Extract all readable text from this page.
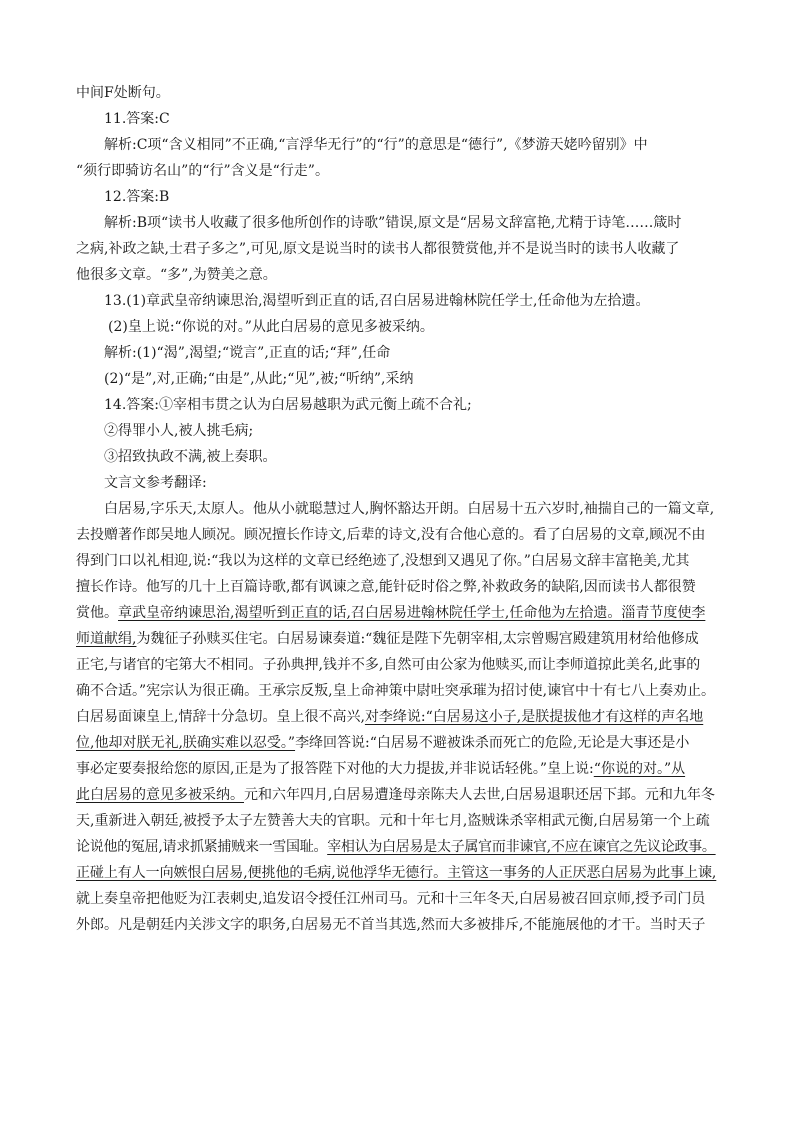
中间F处断句。
11.答案:C
解析:C项“含义相同”不正确,“言浮华无行”的“行”的意思是“德行”,《梦游天姥吟留别》中
“须行即骑访名山”的“行”含义是“行走”。
12.答案:B
解析:B项“读书人收藏了很多他所创作的诗歌”错误,原文是“居易文辞富艳,尤精于诗笔……箴时
之病,补政之缺,士君子多之”,可见,原文是说当时的读书人都很赞赏他,并不是说当时的读书人收藏了
他很多文章。“多”,为赞美之意。
13.(1)章武皇帝纳谏思治,渴望听到正直的话,召白居易进翰林院任学士,任命他为左拾遗。
(2)皇上说:“你说的对。”从此白居易的意见多被采纳。
解析:(1)“渴”,渴望;“谠言”,正直的话;“拜”,任命
(2)“是”,对,正确;“由是”,从此;“见”,被;“听纳”,采纳
14.答案:①宰相韦贯之认为白居易越职为武元衡上疏不合礼;
②得罪小人,被人挑毛病;
③招致执政不满,被上奏职。
文言文参考翻译:
白居易,字乐天,太原人。他从小就聪慧过人,胸怀豁达开朗。白居易十五六岁时,袖揣自己的一篇文章,
去投赠著作郎吴地人顾况。顾况擅长作诗文,后辈的诗文,没有合他心意的。看了白居易的文章,顾况不由
得到门口以礼相迎,说:“我以为这样的文章已经绝迹了,没想到又遇见了你。”白居易文辞丰富艳美,尤其
擅长作诗。他写的几十上百篇诗歌,都有讽谏之意,能针砭时俗之弊,补救政务的缺陷,因而读书人都很赞
赏他。章武皇帝纳谏思治,渴望听到正直的话,召白居易进翰林院任学士,任命他为左拾遗。淄青节度使李
师道献绢,为魏征子孙赎买住宅。白居易谏奏道:“魏征是陛下先朝宰相,太宗曾赐宫殿建筑用材给他修成
正宅,与诸官的宅第大不相同。子孙典押,钱并不多,自然可由公家为他赎买,而让李师道掠此美名,此事的
确不合适。”宪宗认为很正确。王承宗反叛,皇上命神策中尉吐突承璀为招讨使,谏官中十有七八上奏劝止。
白居易面谏皇上,情辞十分急切。皇上很不高兴,对李绛说:“白居易这小子,是朕提拔他才有这样的声名地
位,他却对朕无礼,朕确实难以忍受。”李绛回答说:“白居易不避被诛杀而死亡的危险,无论是大事还是小
事必定要奏报给您的原因,正是为了报答陛下对他的大力提拔,并非说话轻佻。”皇上说:“你说的对。”从
此白居易的意见多被采纳。元和六年四月,白居易遭逢母亲陈夫人去世,白居易退职还居下邽。元和九年冬
天,重新进入朝廷,被授予太子左赞善大夫的官职。元和十年七月,盗贼诛杀宰相武元衡,白居易第一个上疏
论说他的冤屈,请求抓紧捕贼来一雪国耻。宰相认为白居易是太子属官而非谏官,不应在谏官之先议论政事。
正碰上有人一向嫉恨白居易,便挑他的毛病,说他浮华无德行。主管这一事务的人正厌恶白居易为此事上谏,
就上奏皇帝把他贬为江表刺史,追发诏令授任江州司马。元和十三年冬天,白居易被召回京师,授予司门员
外郎。凡是朝廷内关涉文字的职务,白居易无不首当其选,然而大多被排斥,不能施展他的才干。当时天子
